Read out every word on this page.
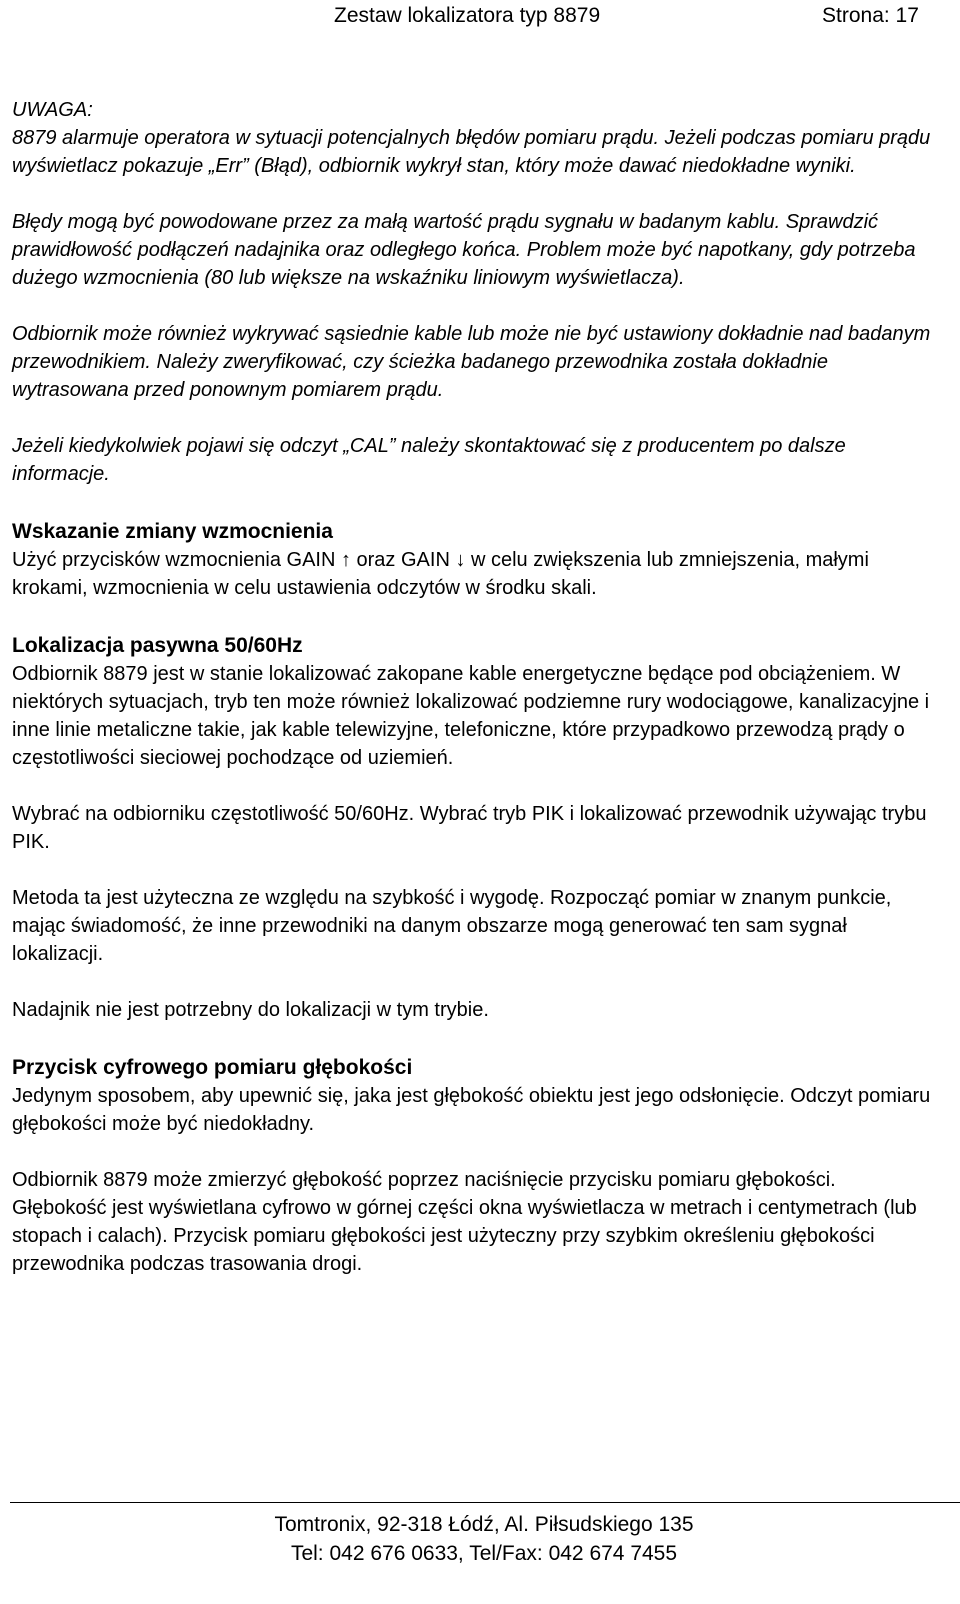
Zestaw lokalizatora typ 8879	Strona: 17

UWAGA:

8879 alarmuje operatora w sytuacji potencjalnych błędów pomiaru prądu. Jeżeli podczas pomiaru prądu wyświetlacz pokazuje „Err” (Błąd), odbiornik wykrył stan, który może dawać niedokładne wyniki.

Błędy mogą być powodowane przez za małą wartość prądu sygnału w badanym kablu. Sprawdzić prawidłowość podłączeń nadajnika oraz odległego końca. Problem może być napotkany, gdy potrzeba dużego wzmocnienia (80 lub większe na wskaźniku liniowym wyświetlacza).

Odbiornik może również wykrywać sąsiednie kable lub może nie być ustawiony dokładnie nad badanym przewodnikiem. Należy zweryfikować, czy ścieżka badanego przewodnika została dokładnie wytrasowana przed ponownym pomiarem prądu.

Jeżeli kiedykolwiek pojawi się odczyt „CAL” należy skontaktować się z producentem po dalsze informacje.

Wskazanie zmiany wzmocnienia

Użyć przycisków wzmocnienia GAIN ↑ oraz GAIN ↓ w celu zwiększenia lub zmniejszenia, małymi krokami, wzmocnienia w celu ustawienia odczytów w środku skali.

Lokalizacja pasywna 50/60Hz

Odbiornik 8879 jest w stanie lokalizować zakopane kable energetyczne będące pod obciążeniem. W niektórych sytuacjach, tryb ten może również lokalizować podziemne rury wodociągowe, kanalizacyjne i inne linie metaliczne takie, jak kable telewizyjne, telefoniczne, które przypadkowo przewodzą prądy o częstotliwości sieciowej pochodzące od uziemień.

Wybrać na odbiorniku częstotliwość 50/60Hz. Wybrać tryb PIK i lokalizować przewodnik używając trybu PIK.

Metoda ta jest użyteczna ze względu na szybkość i wygodę. Rozpocząć pomiar w znanym punkcie, mając świadomość, że inne przewodniki na danym obszarze mogą generować ten sam sygnał lokalizacji.

Nadajnik nie jest potrzebny do lokalizacji w tym trybie.

Przycisk cyfrowego pomiaru głębokości

Jedynym sposobem, aby upewnić się, jaka jest głębokość obiektu jest jego odsłonięcie. Odczyt pomiaru głębokości może być niedokładny.

Odbiornik 8879 może zmierzyć głębokość poprzez naciśnięcie przycisku pomiaru głębokości. Głębokość jest wyświetlana cyfrowo w górnej części okna wyświetlacza w metrach i centymetrach (lub stopach i calach). Przycisk pomiaru głębokości jest użyteczny przy szybkim określeniu głębokości przewodnika podczas trasowania drogi.

Tomtronix, 92-318 Łódź, Al. Piłsudskiego 135
Tel: 042 676 0633, Tel/Fax: 042 674 7455
